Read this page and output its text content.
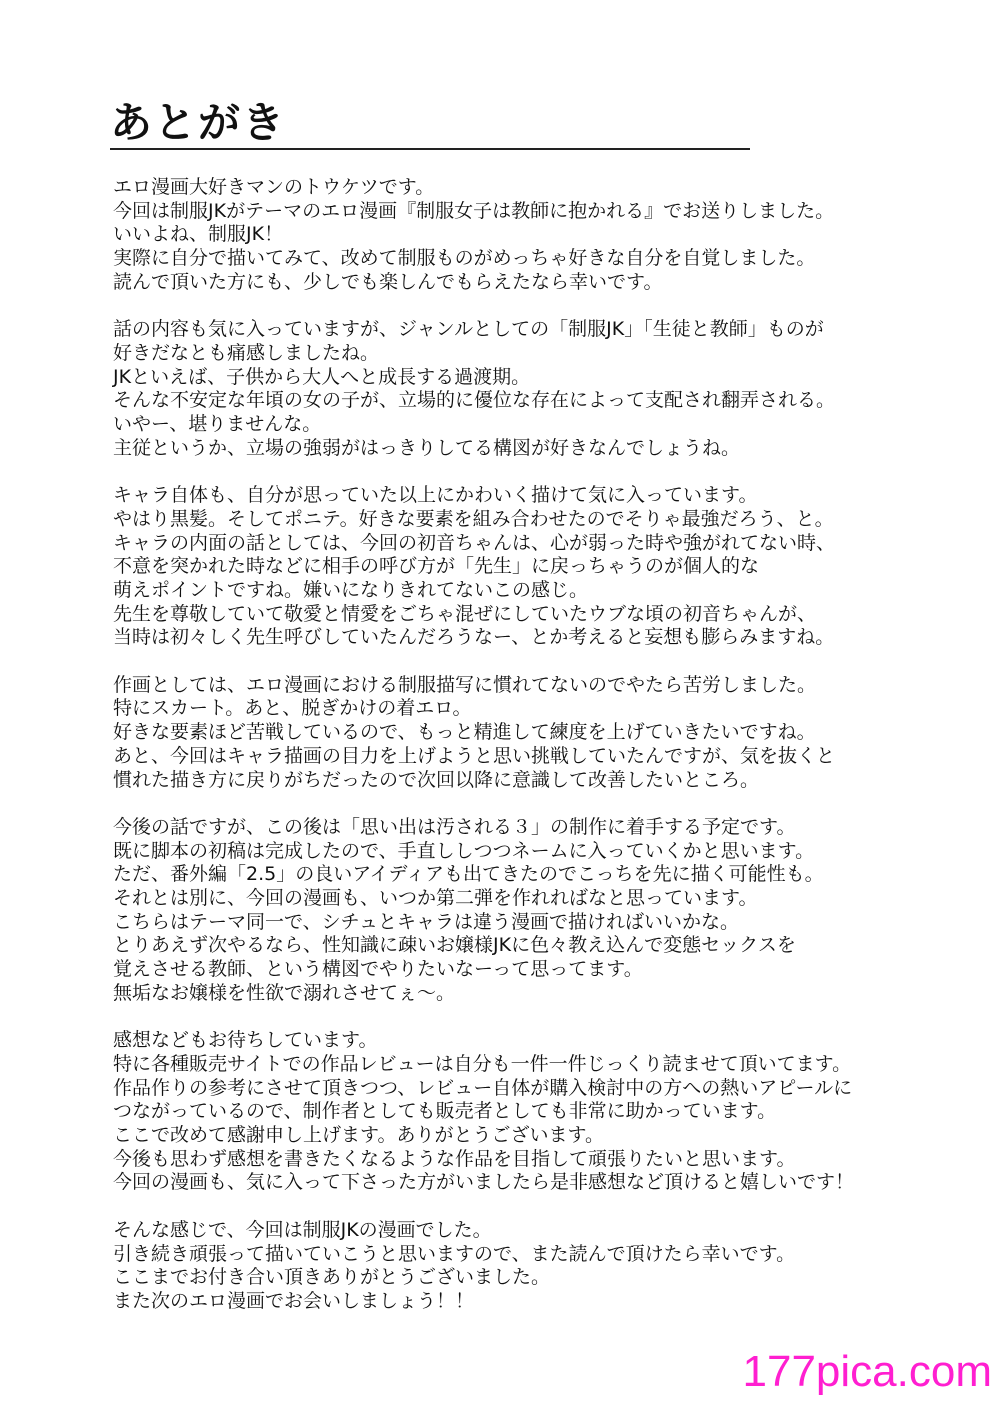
あとがき
エロ漫画大好きマンのトウケツです。
今回は制服JKがテーマのエロ漫画『制服女子は教師に抱かれる』でお送りしました。
いいよね、制服JK！
実際に自分で描いてみて、改めて制服ものがめっちゃ好きな自分を自覚しました。
読んで頂いた方にも、少しでも楽しんでもらえたなら幸いです。
話の内容も気に入っていますが、ジャンルとしての「制服JK」「生徒と教師」ものが
好きだなとも痛感しましたね。
JKといえば、子供から大人へと成長する過渡期。
そんな不安定な年頃の女の子が、立場的に優位な存在によって支配され翻弄される。
いやー、堪りませんな。
主従というか、立場の強弱がはっきりしてる構図が好きなんでしょうね。
キャラ自体も、自分が思っていた以上にかわいく描けて気に入っています。
やはり黒髪。そしてポニテ。好きな要素を組み合わせたのでそりゃ最強だろう、と。
キャラの内面の話としては、今回の初音ちゃんは、心が弱った時や強がれてない時、
不意を突かれた時などに相手の呼び方が「先生」に戻っちゃうのが個人的な
萌えポイントですね。嫌いになりきれてないこの感じ。
先生を尊敬していて敬愛と情愛をごちゃ混ぜにしていたウブな頃の初音ちゃんが、
当時は初々しく先生呼びしていたんだろうなー、とか考えると妄想も膨らみますね。
作画としては、エロ漫画における制服描写に慣れてないのでやたら苦労しました。
特にスカート。あと、脱ぎかけの着エロ。
好きな要素ほど苦戦しているので、もっと精進して練度を上げていきたいですね。
あと、今回はキャラ描画の目力を上げようと思い挑戦していたんですが、気を抜くと
慣れた描き方に戻りがちだったので次回以降に意識して改善したいところ。
今後の話ですが、この後は「思い出は汚される３」の制作に着手する予定です。
既に脚本の初稿は完成したので、手直ししつつネームに入っていくかと思います。
ただ、番外編「2.5」の良いアイディアも出てきたのでこっちを先に描く可能性も。
それとは別に、今回の漫画も、いつか第二弾を作れればなと思っています。
こちらはテーマ同一で、シチュとキャラは違う漫画で描ければいいかな。
とりあえず次やるなら、性知識に疎いお嬢様JKに色々教え込んで変態セックスを
覚えさせる教師、という構図でやりたいなーって思ってます。
無垢なお嬢様を性欲で溺れさせてぇ～。
感想などもお待ちしています。
特に各種販売サイトでの作品レビューは自分も一件一件じっくり読ませて頂いてます。
作品作りの参考にさせて頂きつつ、レビュー自体が購入検討中の方への熱いアピールに
つながっているので、制作者としても販売者としても非常に助かっています。
ここで改めて感謝申し上げます。ありがとうございます。
今後も思わず感想を書きたくなるような作品を目指して頑張りたいと思います。
今回の漫画も、気に入って下さった方がいましたら是非感想など頂けると嬉しいです！
そんな感じで、今回は制服JKの漫画でした。
引き続き頑張って描いていこうと思いますので、また読んで頂けたら幸いです。
ここまでお付き合い頂きありがとうございました。
また次のエロ漫画でお会いしましょう！！
177pica.com
